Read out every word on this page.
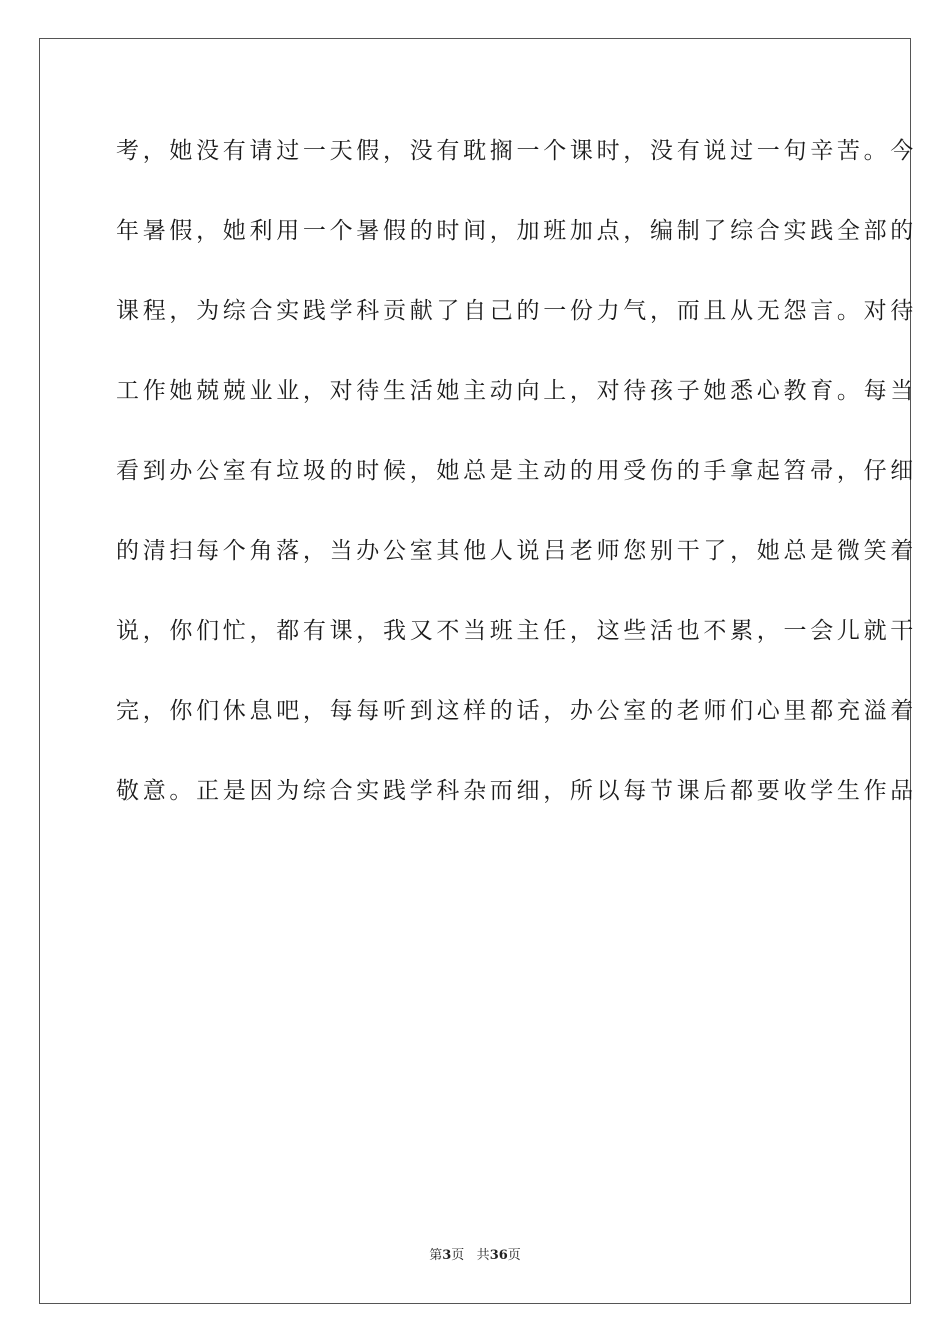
考，她没有请过一天假，没有耽搁一个课时，没有说过一句辛苦。今
年暑假，她利用一个暑假的时间，加班加点，编制了综合实践全部的
课程，为综合实践学科贡献了自己的一份力气，而且从无怨言。对待
工作她兢兢业业，对待生活她主动向上，对待孩子她悉心教育。每当
看到办公室有垃圾的时候，她总是主动的用受伤的手拿起笤帚，仔细
的清扫每个角落，当办公室其他人说吕老师您别干了，她总是微笑着
说，你们忙，都有课，我又不当班主任，这些活也不累，一会儿就干
完，你们休息吧，每每听到这样的话，办公室的老师们心里都充溢着
敬意。正是因为综合实践学科杂而细，所以每节课后都要收学生作品
第3页 共36页
